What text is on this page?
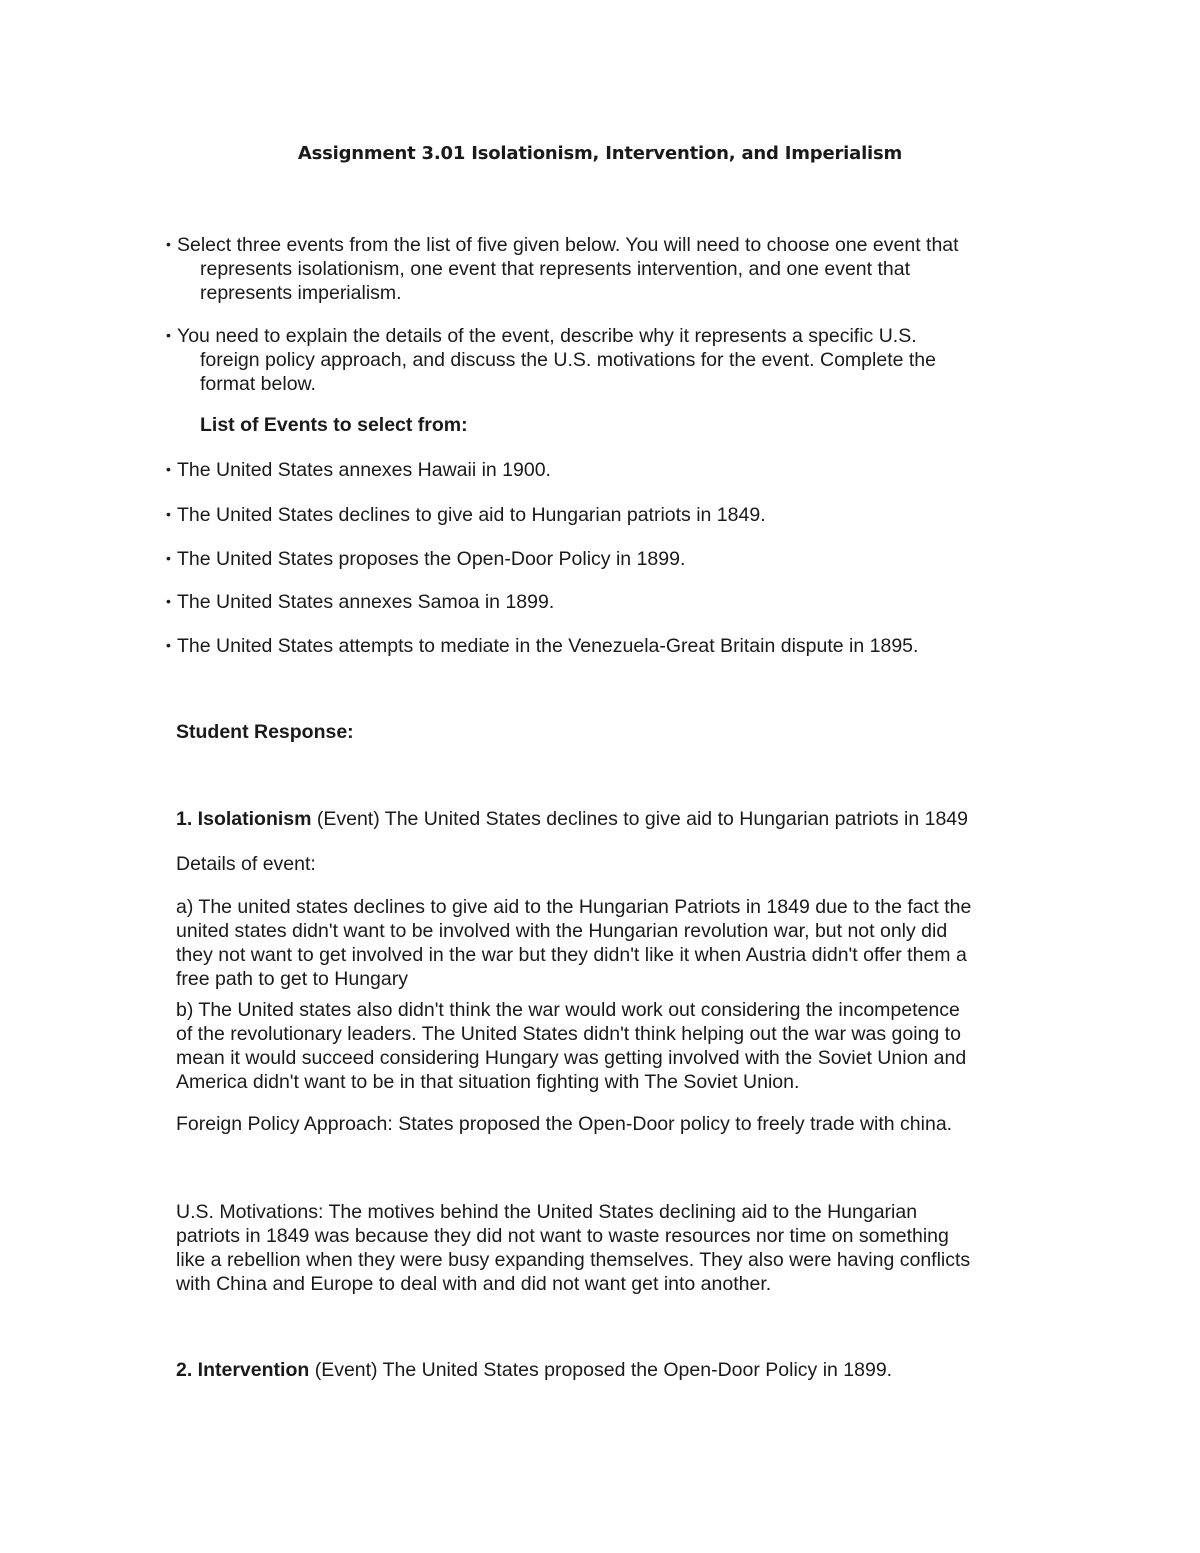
Assignment 3.01 Isolationism, Intervention, and Imperialism
• Select three events from the list of five given below. You will need to choose one event that
represents isolationism, one event that represents intervention, and one event that
represents imperialism.
• You need to explain the details of the event, describe why it represents a specific U.S.
foreign policy approach, and discuss the U.S. motivations for the event. Complete the
format below.
List of Events to select from:
• The United States annexes Hawaii in 1900.
• The United States declines to give aid to Hungarian patriots in 1849.
• The United States proposes the Open-Door Policy in 1899.
• The United States annexes Samoa in 1899.
• The United States attempts to mediate in the Venezuela-Great Britain dispute in 1895.
Student Response:
1. Isolationism (Event) The United States declines to give aid to Hungarian patriots in 1849
Details of event:
a) The united states declines to give aid to the Hungarian Patriots in 1849 due to the fact the
united states didn't want to be involved with the Hungarian revolution war, but not only did
they not want to get involved in the war but they didn't like it when Austria didn't offer them a
free path to get to Hungary
b) The United states also didn't think the war would work out considering the incompetence
of the revolutionary leaders. The United States didn't think helping out the war was going to
mean it would succeed considering Hungary was getting involved with the Soviet Union and
America didn't want to be in that situation fighting with The Soviet Union.
Foreign Policy Approach: States proposed the Open-Door policy to freely trade with china.
U.S. Motivations: The motives behind the United States declining aid to the Hungarian
patriots in 1849 was because they did not want to waste resources nor time on something
like a rebellion when they were busy expanding themselves. They also were having conflicts
with China and Europe to deal with and did not want get into another.
2. Intervention (Event) The United States proposed the Open-Door Policy in 1899.
